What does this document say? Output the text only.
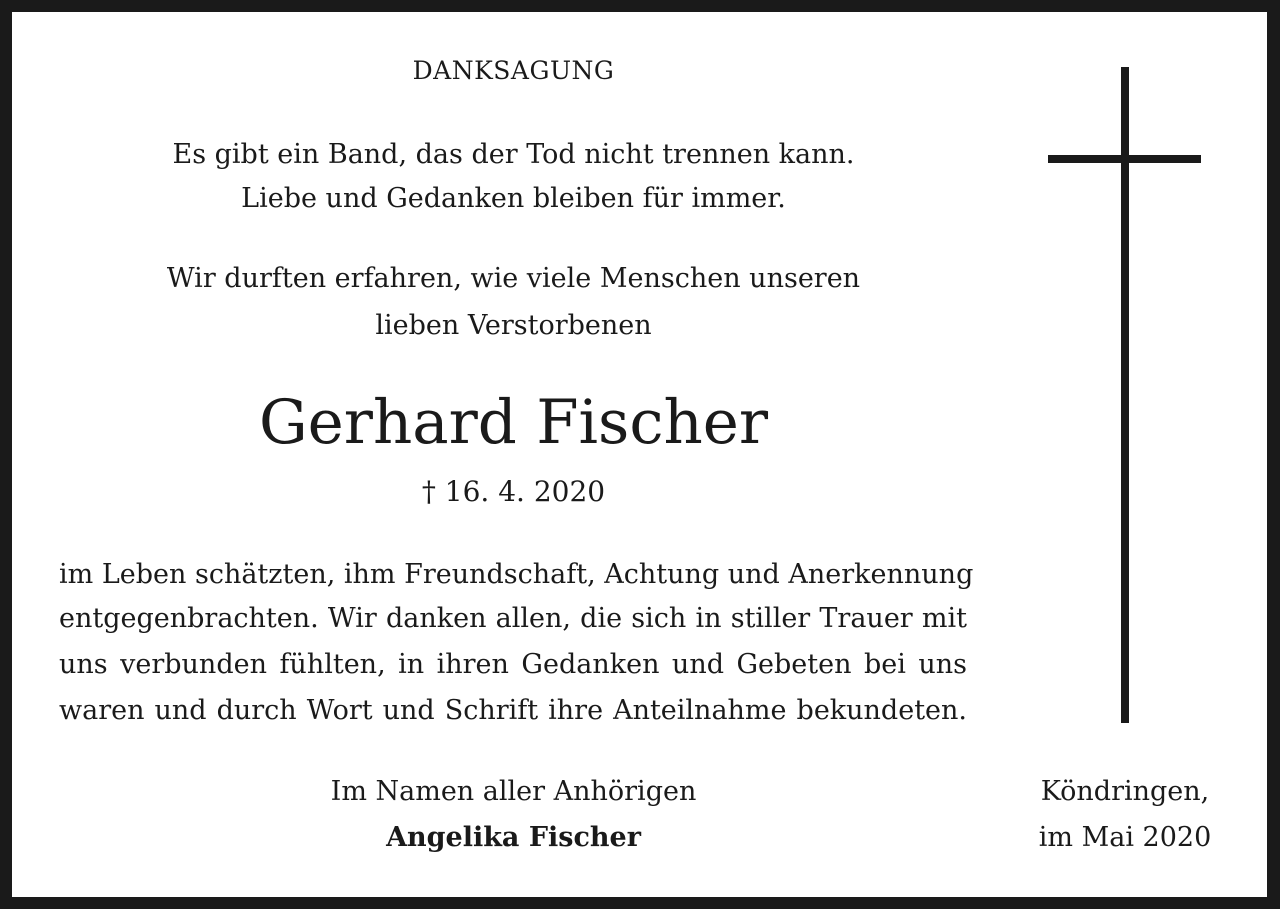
DANKSAGUNG
Es gibt ein Band, das der Tod nicht trennen kann.
Liebe und Gedanken bleiben für immer.
Wir durften erfahren, wie viele Menschen unseren
lieben Verstorbenen
Gerhard Fischer
† 16. 4. 2020
im Leben schätzten, ihm Freundschaft, Achtung und Anerkennung
entgegenbrachten. Wir danken allen, die sich in stiller Trauer mit
uns verbunden fühlten, in ihren Gedanken und Gebeten bei uns
waren und durch Wort und Schrift ihre Anteilnahme bekundeten.
Im Namen aller Anhörigen
Angelika Fischer
Köndringen,
im Mai 2020
